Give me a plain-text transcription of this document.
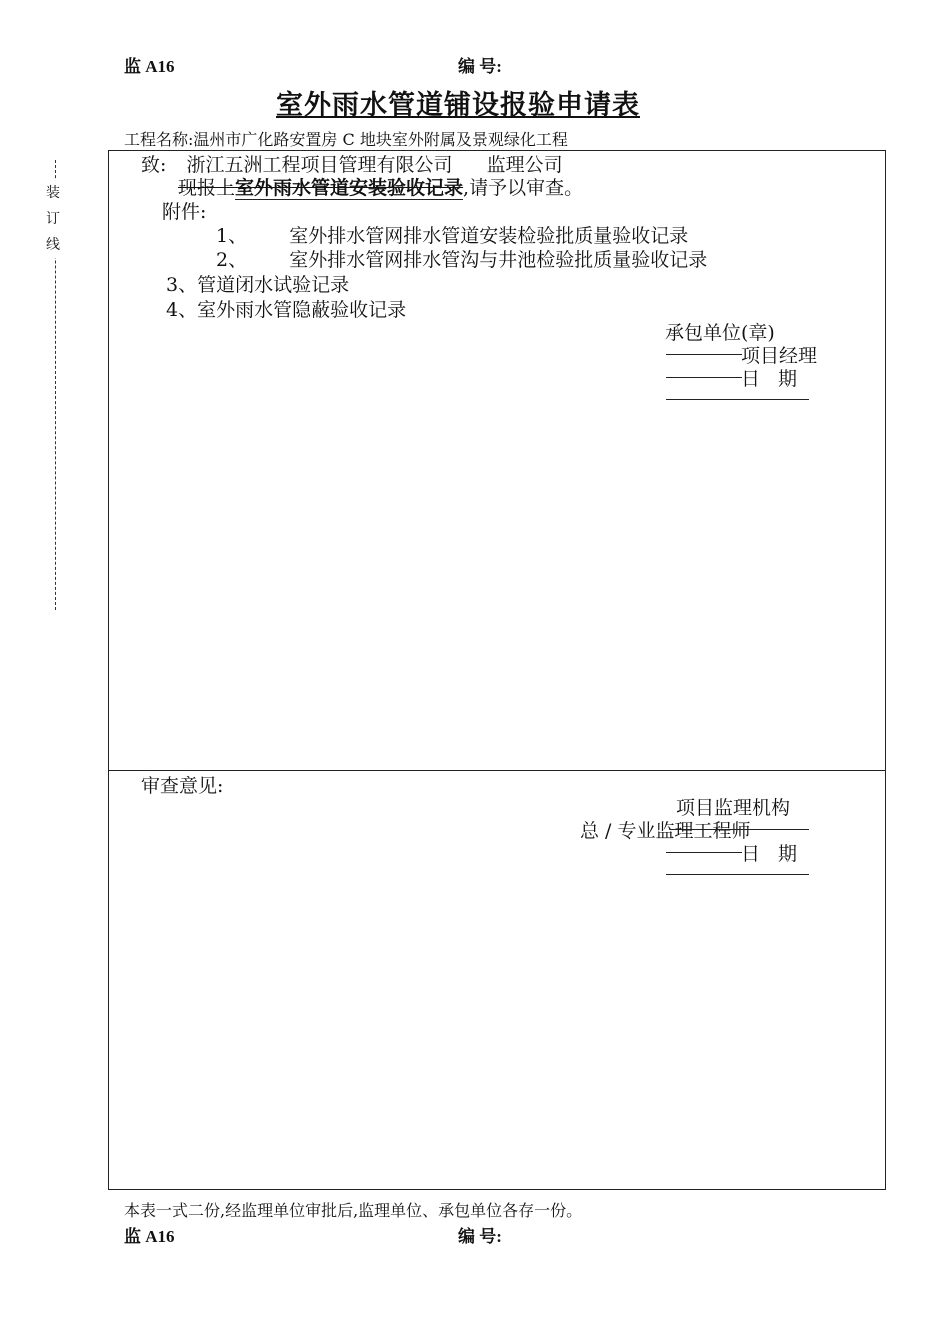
监 A16	编 号:
室外雨水管道铺设报验申请表
工程名称:温州市广化路安置房 C 地块室外附属及景观绿化工程
装
订
线
致: 浙江五洲工程项目管理有限公司 监理公司
现报上室外雨水管道安装验收记录,请予以审查。
附件:
1、 室外排水管网排水管道安装检验批质量验收记录
2、 室外排水管网排水管沟与井池检验批质量验收记录
3、管道闭水试验记录
4、室外雨水管隐蔽验收记录
承包单位(章)
项目经理
日 期
审查意见:
项目监理机构
总 / 专业监理工程师
日 期
本表一式二份,经监理单位审批后,监理单位、承包单位各存一份。
监 A16	编 号:
